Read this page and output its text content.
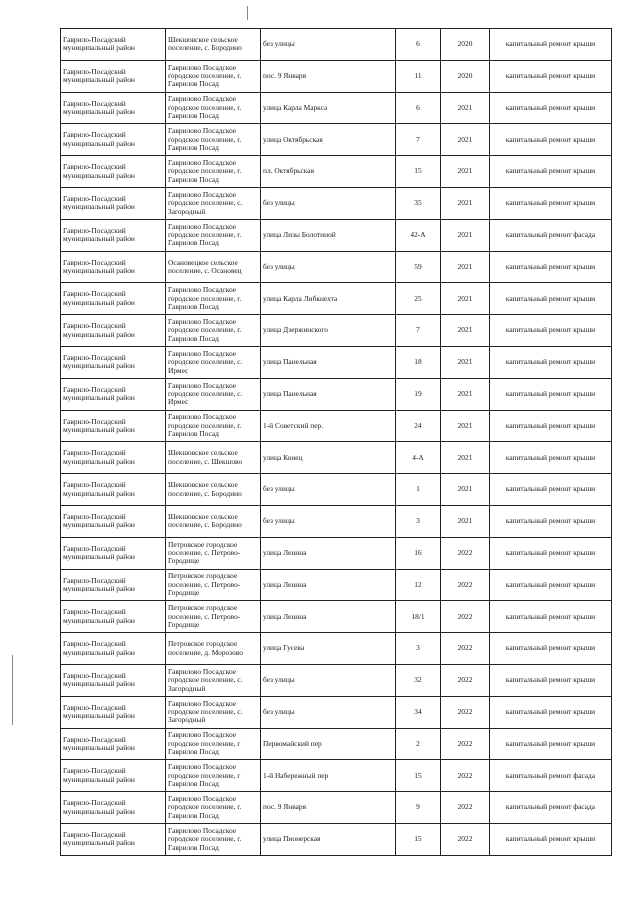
Гаврило-Посадский муниципальный район	Шекшовское сельское поселение, с. Бородино	без улицы	6	2020	капитальный ремонт крыши
Гаврило-Посадский муниципальный район	Гаврилово Посадское городское поселение, г. Гаврилов Посад	пос. 9 Января	11	2020	капитальный ремонт крыши
Гаврило-Посадский муниципальный район	Гаврилово Посадское городское поселение, г. Гаврилов Посад	улица Карла Маркса	6	2021	капитальный ремонт крыши
Гаврило-Посадский муниципальный район	Гаврилово Посадское городское поселение, г. Гаврилов Посад	улица Октябрьская	7	2021	капитальный ремонт крыши
Гаврило-Посадский муниципальный район	Гаврилово Посадское городское поселение, г. Гаврилов Посад	пл. Октябрьская	15	2021	капитальный ремонт крыши
Гаврило-Посадский муниципальный район	Гаврилово Посадское городское поселение, с. Загородный	без улицы	35	2021	капитальный ремонт крыши
Гаврило-Посадский муниципальный район	Гаврилово Посадское городское поселение, г. Гаврилов Посад	улица Лизы Болотиной	42-А	2021	капитальный ремонт фасада
Гаврило-Посадский муниципальный район	Осановецкое сельское поселение, с. Осановец	без улицы	59	2021	капитальный ремонт крыши
Гаврило-Посадский муниципальный район	Гаврилово Посадское городское поселение, г. Гаврилов Посад	улица Карла Либкнехта	25	2021	капитальный ремонт крыши
Гаврило-Посадский муниципальный район	Гаврилово Посадское городское поселение, г. Гаврилов Посад	улица Дзержинского	7	2021	капитальный ремонт крыши
Гаврило-Посадский муниципальный район	Гаврилово Посадское городское поселение, с. Ирмес	улица Панельная	18	2021	капитальный ремонт крыши
Гаврило-Посадский муниципальный район	Гаврилово Посадское городское поселение, с. Ирмес	улица Панельная	19	2021	капитальный ремонт крыши
Гаврило-Посадский муниципальный район	Гаврилово Посадское городское поселение, г. Гаврилов Посад	1-й Советский пер.	24	2021	капитальный ремонт крыши
Гаврило-Посадский муниципальный район	Шекшовское сельское поселение, с. Шекшово	улица Конец	4-А	2021	капитальный ремонт крыши
Гаврило-Посадский муниципальный район	Шекшовское сельское поселение, с. Бородино	без улицы	1	2021	капитальный ремонт крыши
Гаврило-Посадский муниципальный район	Шекшовское сельское поселение, с. Бородино	без улицы	3	2021	капитальный ремонт крыши
Гаврило-Посадский муниципальный район	Петровское городское поселение, с. Петрово-Городище	улица Ленина	16	2022	капитальный ремонт крыши
Гаврило-Посадский муниципальный район	Петровское городское поселение, с. Петрово-Городище	улица Ленина	12	2022	капитальный ремонт крыши
Гаврило-Посадский муниципальный район	Петровское городское поселение, с. Петрово-Городище	улица Ленина	18/1	2022	капитальный ремонт крыши
Гаврило-Посадский муниципальный район	Петровское городское поселение, д. Морозово	улица Гусева	3	2022	капитальный ремонт крыши
Гаврило-Посадский муниципальный район	Гаврилово Посадское городское поселение, с. Загородный	без улицы	32	2022	капитальный ремонт крыши
Гаврило-Посадский муниципальный район	Гаврилово Посадское городское поселение, с. Загородный	без улицы	34	2022	капитальный ремонт крыши
Гаврило-Посадский муниципальный район	Гаврилово Посадское городское поселение, г Гаврилов Посад	Первомайский пер	2	2022	капитальный ремонт крыши
Гаврило-Посадский муниципальный район	Гаврилово Посадское городское поселение, г Гаврилов Посад	1-й Набережный пер	15	2022	капитальный ремонт фасада
Гаврило-Посадский муниципальный район	Гаврилово Посадское городское поселение, г. Гаврилов Посад	пос. 9 Января	9	2022	капитальный ремонт фасада
Гаврило-Посадский муниципальный район	Гаврилово Посадское городское поселение, г. Гаврилов Посад	улица Пионерская	15	2022	капитальный ремонт крыши
